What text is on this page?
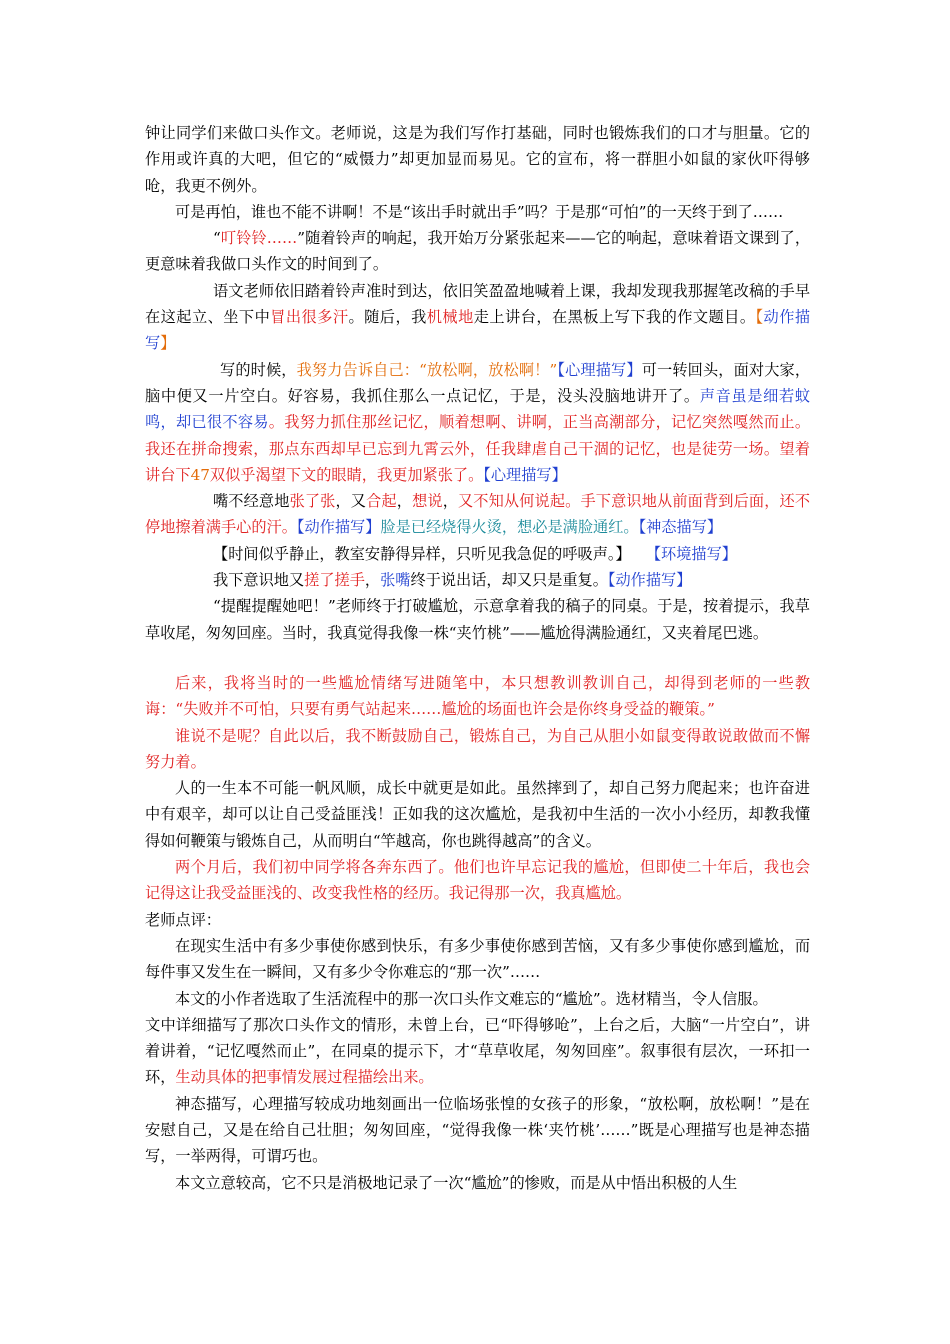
钟让同学们来做口头作文。老师说，这是为我们写作打基础，同时也锻炼我们的口才与胆量。它的作用或许真的大吧，但它的“威慑力”却更加显而易见。它的宣布，将一群胆小如鼠的家伙吓得够呛，我更不例外。

可是再怕，谁也不能不讲啊！不是“该出手时就出手”吗？于是那“可怕”的一天终于到了……

“叮铃铃……”随着铃声的响起，我开始万分紧张起来——它的响起，意味着语文课到了，更意味着我做口头作文的时间到了。

语文老师依旧踏着铃声准时到达，依旧笑盈盈地喊着上课，我却发现我那握笔改稿的手早在这起立、坐下中冒出很多汗。随后，我机械地走上讲台，在黑板上写下我的作文题目。【动作描写】

写的时候，我努力告诉自己：“放松啊，放松啊！”【心理描写】可一转回头，面对大家，脑中便又一片空白。好容易，我抓住那么一点记忆，于是，没头没脑地讲开了。声音虽是细若蚊鸣，却已很不容易。我努力抓住那丝记忆，顺着想啊、讲啊，正当高潮部分，记忆突然嘎然而止。我还在拼命搜索，那点东西却早已忘到九霄云外，任我肆虐自己干涸的记忆，也是徒劳一场。望着讲台下47双似乎渴望下文的眼睛，我更加紧张了。【心理描写】

嘴不经意地张了张，又合起，想说，又不知从何说起。手下意识地从前面背到后面，还不停地擦着满手心的汗。【动作描写】脸是已经烧得火烫，想必是满脸通红。【神态描写】

【时间似乎静止，教室安静得异样，只听见我急促的呼吸声。】　　【环境描写】

我下意识地又搓了搓手，张嘴终于说出话，却又只是重复。【动作描写】

“提醒提醒她吧！”老师终于打破尴尬，示意拿着我的稿子的同桌。于是，按着提示，我草草收尾，匆匆回座。当时，我真觉得我像一株“夹竹桃”——尴尬得满脸通红，又夹着尾巴逃。

后来，我将当时的一些尴尬情绪写进随笔中，本只想教训教训自己，却得到老师的一些教诲：“失败并不可怕，只要有勇气站起来……尴尬的场面也许会是你终身受益的鞭策。”

谁说不是呢？自此以后，我不断鼓励自己，锻炼自己，为自己从胆小如鼠变得敢说敢做而不懈努力着。

人的一生本不可能一帆风顺，成长中就更是如此。虽然摔到了，却自己努力爬起来；也许奋进中有艰辛，却可以让自己受益匪浅！正如我的这次尴尬，是我初中生活的一次小小经历，却教我懂得如何鞭策与锻炼自己，从而明白“竿越高，你也跳得越高”的含义。

两个月后，我们初中同学将各奔东西了。他们也许早忘记我的尴尬，但即使二十年后，我也会记得这让我受益匪浅的、改变我性格的经历。我记得那一次，我真尴尬。

老师点评：

在现实生活中有多少事使你感到快乐，有多少事使你感到苦恼，又有多少事使你感到尴尬，而每件事又发生在一瞬间，又有多少令你难忘的“那一次”……

本文的小作者选取了生活流程中的那一次口头作文难忘的“尴尬”。选材精当，令人信服。

文中详细描写了那次口头作文的情形，未曾上台，已“吓得够呛”，上台之后，大脑“一片空白”，讲着讲着，“记忆嘎然而止”，在同桌的提示下，才“草草收尾，匆匆回座”。叙事很有层次，一环扣一环，生动具体的把事情发展过程描绘出来。

神态描写，心理描写较成功地刻画出一位临场张惶的女孩子的形象，“放松啊，放松啊！”是在安慰自己，又是在给自己壮胆；匆匆回座，“觉得我像一株‘夹竹桃’……”既是心理描写也是神态描写，一举两得，可谓巧也。

本文立意较高，它不只是消极地记录了一次“尴尬”的惨败，而是从中悟出积极的人生
